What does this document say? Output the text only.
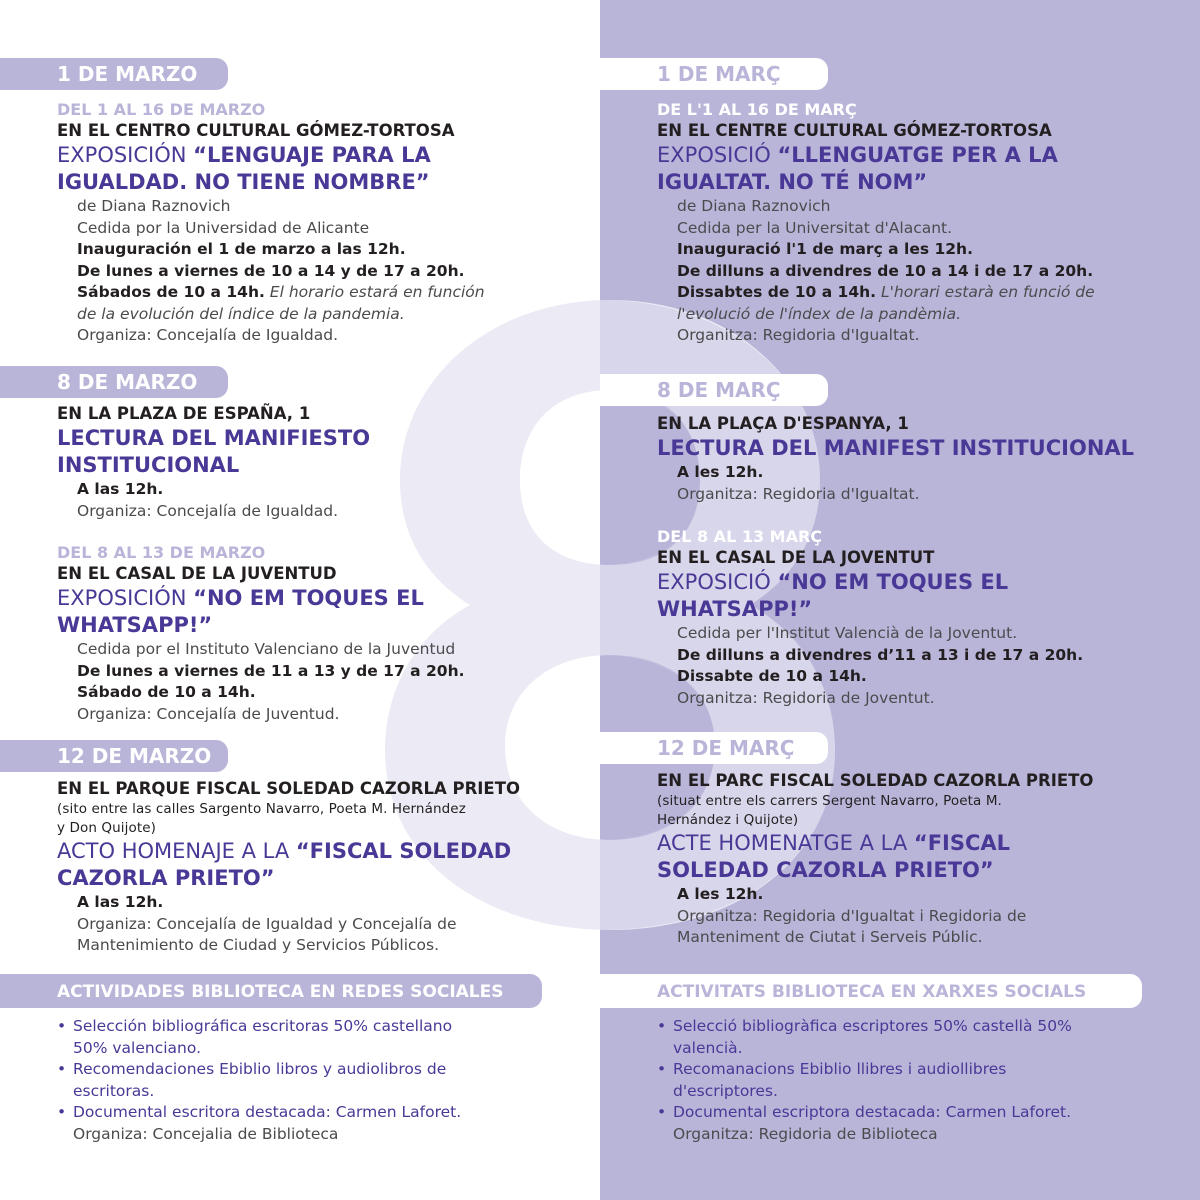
1 DE MARZO
DEL 1 AL 16 DE MARZO
EN EL CENTRO CULTURAL GÓMEZ-TORTOSA
EXPOSICIÓN “LENGUAJE PARA LA
IGUALDAD. NO TIENE NOMBRE”
de Diana Raznovich
Cedida por la Universidad de Alicante
Inauguración el 1 de marzo a las 12h.
De lunes a viernes de 10 a 14 y de 17 a 20h.
Sábados de 10 a 14h. El horario estará en función
de la evolución del índice de la pandemia.
Organiza: Concejalía de Igualdad.
8 DE MARZO
EN LA PLAZA DE ESPAÑA, 1
LECTURA DEL MANIFIESTO
INSTITUCIONAL
A las 12h.
Organiza: Concejalía de Igualdad.
DEL 8 AL 13 DE MARZO
EN EL CASAL DE LA JUVENTUD
EXPOSICIÓN “NO EM TOQUES EL
WHATSAPP!”
Cedida por el Instituto Valenciano de la Juventud
De lunes a viernes de 11 a 13 y de 17 a 20h.
Sábado de 10 a 14h.
Organiza: Concejalía de Juventud.
12 DE MARZO
EN EL PARQUE FISCAL SOLEDAD CAZORLA PRIETO
(sito entre las calles Sargento Navarro, Poeta M. Hernández
y Don Quijote)
ACTO HOMENAJE A LA “FISCAL SOLEDAD
CAZORLA PRIETO”
A las 12h.
Organiza: Concejalía de Igualdad y Concejalía de
Mantenimiento de Ciudad y Servicios Públicos.
ACTIVIDADES BIBLIOTECA EN REDES SOCIALES
• Selección bibliográfica escritoras 50% castellano
50% valenciano.
• Recomendaciones Ebiblio libros y audiolibros de
escritoras.
• Documental escritora destacada: Carmen Laforet.
Organiza: Concejalia de Biblioteca
1 DE MARÇ
DE L'1 AL 16 DE MARÇ
EN EL CENTRE CULTURAL GÓMEZ-TORTOSA
EXPOSICIÓ “LLENGUATGE PER A LA
IGUALTAT. NO TÉ NOM”
de Diana Raznovich
Cedida per la Universitat d'Alacant.
Inauguració l'1 de març a les 12h.
De dilluns a divendres de 10 a 14 i de 17 a 20h.
Dissabtes de 10 a 14h. L'horari estarà en funció de
l'evolució de l'índex de la pandèmia.
Organitza: Regidoria d'Igualtat.
8 DE MARÇ
EN LA PLAÇA D'ESPANYA, 1
LECTURA DEL MANIFEST INSTITUCIONAL
A les 12h.
Organitza: Regidoria d'Igualtat.
DEL 8 AL 13 MARÇ
EN EL CASAL DE LA JOVENTUT
EXPOSICIÓ “NO EM TOQUES EL
WHATSAPP!”
Cedida per l'Institut Valencià de la Joventut.
De dilluns a divendres d’11 a 13 i de 17 a 20h.
Dissabte de 10 a 14h.
Organitza: Regidoria de Joventut.
12 DE MARÇ
EN EL PARC FISCAL SOLEDAD CAZORLA PRIETO
(situat entre els carrers Sergent Navarro, Poeta M.
Hernández i Quijote)
ACTE HOMENATGE A LA “FISCAL
SOLEDAD CAZORLA PRIETO”
A les 12h.
Organitza: Regidoria d'Igualtat i Regidoria de
Manteniment de Ciutat i Serveis Públic.
ACTIVITATS BIBLIOTECA EN XARXES SOCIALS
• Selecció bibliogràfica escriptores 50% castellà 50%
valencià.
• Recomanacions Ebiblio llibres i audiollibres
d'escriptores.
• Documental escriptora destacada: Carmen Laforet.
Organitza: Regidoria de Biblioteca
